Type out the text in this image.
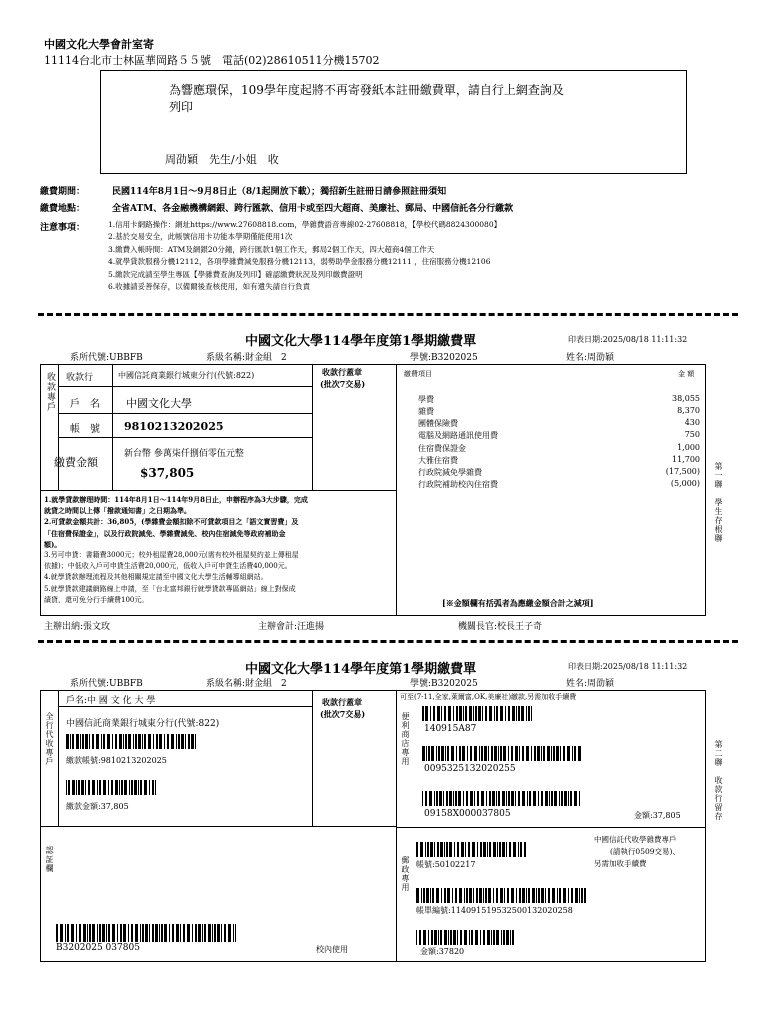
中國文化大學會計室寄
11114台北市士林區華岡路５５號　電話(02)28610511分機15702
為響應環保，109學年度起將不再寄發紙本註冊繳費單，請自行上網查詢及
列印
周劭穎　先生/小姐　收
繳費期間：	民國114年8月1日～9月8日止（8/1起開放下載）；獨招新生註冊日請參照註冊須知
繳費地點：	全省ATM、各金融機構網銀、跨行匯款、信用卡或至四大超商、美廉社、郵局、中國信託各分行繳款
注意事項：	1.信用卡網路操作：網址https://www.27608818.com，學雜費語音專線02-27608818，【學校代碼8824300080】
2.基於交易安全，此帳號信用卡功能本學期僅能使用1次
3.繳費入帳時間：ATM及網銀20分鐘，跨行匯款1個工作天，郵局2個工作天，四大超商4個工作天
4.就學貸款服務分機12112，各項學雜費減免服務分機12113，弱勢助學金服務分機12111 ，住宿服務分機12106
5.繳款完成請至學生專區【學雜費查詢及列印】確認繳費狀況及列印繳費證明
6.收據請妥善保存，以備爾後查核使用，如有遺失請自行負責
中國文化大學114學年度第1學期繳費單	印表日期:2025/08/18 11:11:32
系所代號:UBBFB	系級名稱:財金組　2	學號:B3202025	姓名:周劭穎
收款專戶 收款行	中國信託商業銀行城東分行(代號:822)	收款行蓋章
(批次7交易)
戶　名 中國文化大學
帳　號 9810213202025
繳費金額
新台幣 參萬柒仟捌佰零伍元整
$37,805
繳費項目	金 額
學費	38,055
雜費	8,370
團體保險費	430
電腦及網路通訊使用費	750
住宿費保證金	1,000
大雅住宿費	11,700
行政院減免學雜費	(17,500)
行政院補助校內住宿費	(5,000) 第一聯　學生存根聯
1.就學貸款辦理時間：114年8月1日～114年9月8日止，申辦程序為3大步驟，完成
就貸之時間以上傳「撥款通知書」之日期為準。
2.可貸款金額共計：36,805，(學雜費金額扣除不可貸款項目之「語文實習費」及
「住宿費保證金」，以及行政院減免、學雜費減免、校內住宿減免等政府補助金
額)。
3.另可申貸：書籍費3000元；校外租屋費28,000元(需有校外租屋契約並上傳租屋
依據)；中低收入戶可申貸生活費20,000元，低收入戶可申貸生活費40,000元。
4.就學貸款辦理流程及其他相關規定請至中國文化大學生活輔導組網站。
5.就學貸款建議網路線上申請，至「台北富邦銀行就學貸款專區網站」線上對保成
績貸，還可免分行手續費100元。	[※金額欄有括弧者為應繳金額合計之減項]
主辦出納:張文玫	主辦會計:汪進揚	機關長官:校長王子奇
中國文化大學114學年度第1學期繳費單	印表日期:2025/08/18 11:11:32
系所代號:UBBFB	系級名稱:財金組　2	學號:B3202025	姓名:周劭穎
戶名:中 國 文 化 大 學
全行代收專戶 中國信託商業銀行城東分行(代號:822)
繳款帳號:9810213202025
繳款金額:37,805
收款行蓋章
(批次7交易)
可至(7-11,全家,萊爾富,OK,美廉社)繳款,另需加收手續費
便利商店專用 140915A87
0095325132020255
09158X000037805	金額:37,805	第二聯　收款行留存
認証欄	郵政專用 帳號:50102217
中國信託代收學雜費專戶
(請執行0509交易)、
另需加收手續費
帳單編號:114091519532500132020258
金額:37820
B3202025 037805	校內使用
